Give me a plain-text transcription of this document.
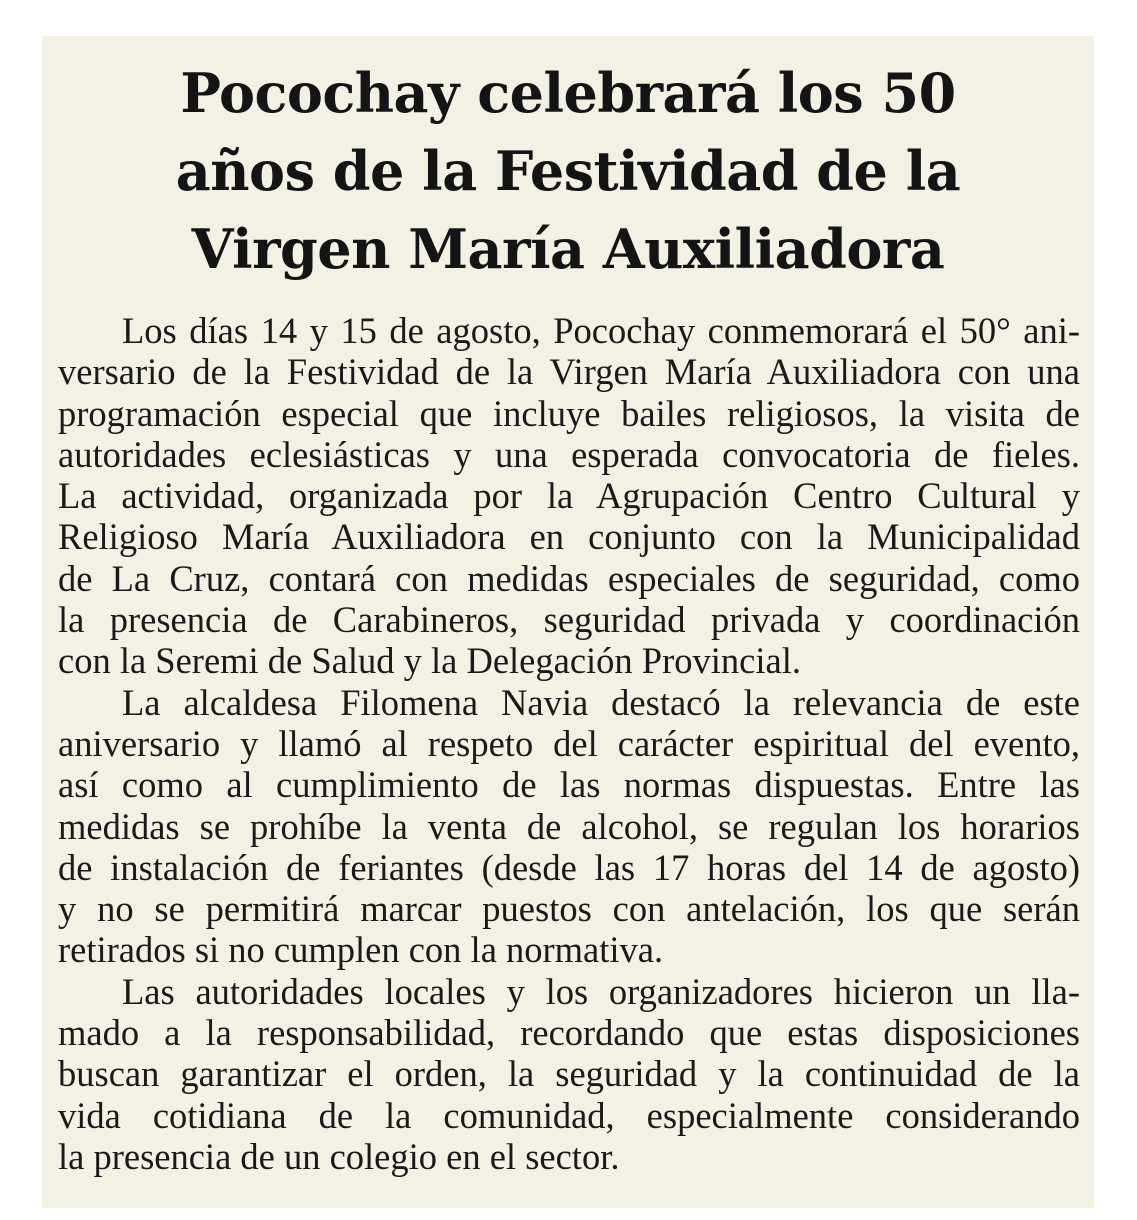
Pocochay celebrará los 50
años de la Festividad de la
Virgen María Auxiliadora

Los días 14 y 15 de agosto, Pocochay conmemorará el 50° ani-
versario de la Festividad de la Virgen María Auxiliadora con una
programación especial que incluye bailes religiosos, la visita de
autoridades eclesiásticas y una esperada convocatoria de fieles.
La actividad, organizada por la Agrupación Centro Cultural y
Religioso María Auxiliadora en conjunto con la Municipalidad
de La Cruz, contará con medidas especiales de seguridad, como
la presencia de Carabineros, seguridad privada y coordinación
con la Seremi de Salud y la Delegación Provincial.

La alcaldesa Filomena Navia destacó la relevancia de este
aniversario y llamó al respeto del carácter espiritual del evento,
así como al cumplimiento de las normas dispuestas. Entre las
medidas se prohíbe la venta de alcohol, se regulan los horarios
de instalación de feriantes (desde las 17 horas del 14 de agosto)
y no se permitirá marcar puestos con antelación, los que serán
retirados si no cumplen con la normativa.

Las autoridades locales y los organizadores hicieron un lla-
mado a la responsabilidad, recordando que estas disposiciones
buscan garantizar el orden, la seguridad y la continuidad de la
vida cotidiana de la comunidad, especialmente considerando
la presencia de un colegio en el sector.
